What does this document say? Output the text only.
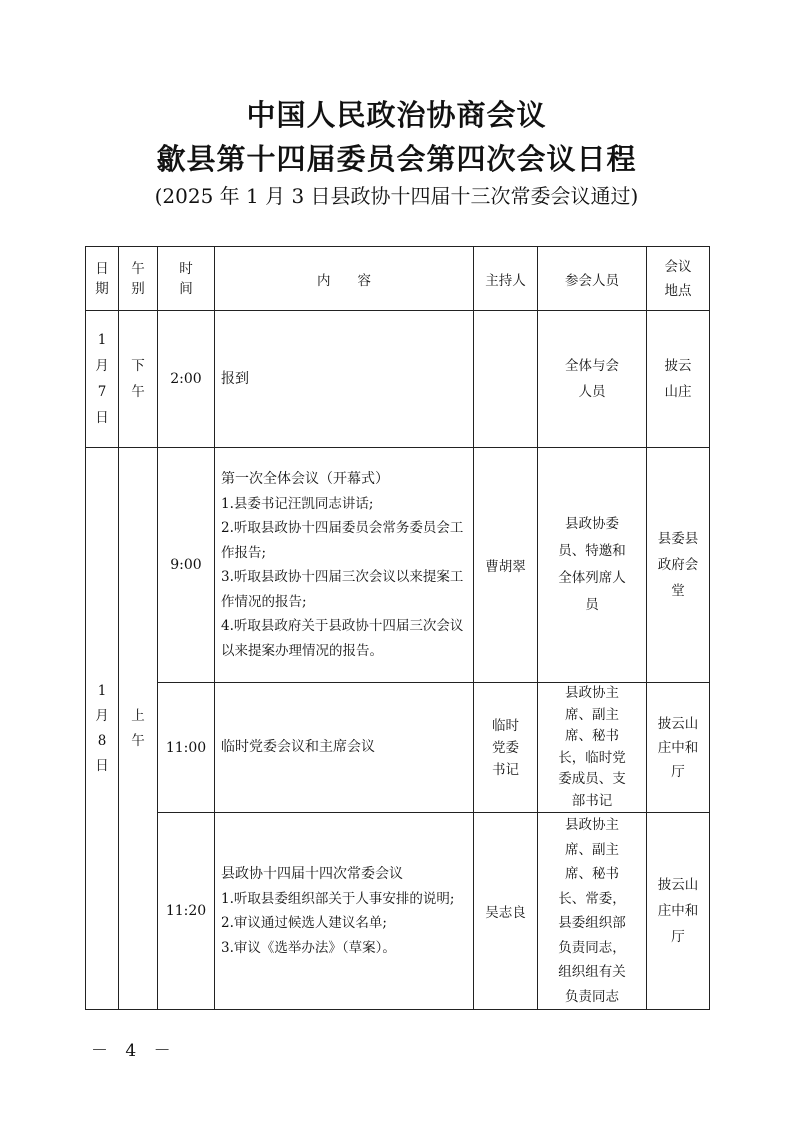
中国人民政治协商会议
歙县第十四届委员会第四次会议日程
(2025 年 1 月 3 日县政协十四届十三次常委会议通过)
日期	午别	时间	内　　容	主持人	参会人员	会议地点
1月7日	下午	2:00	报到		全体与会人员	披云山庄
1月8日	上午	9:00	第一次全体会议（开幕式）
1.县委书记汪凯同志讲话;
2.听取县政协十四届委员会常务委员会工作报告;
3.听取县政协十四届三次会议以来提案工作情况的报告;
4.听取县政府关于县政协十四届三次会议以来提案办理情况的报告。	曹胡翠	县政协委员、特邀和全体列席人员	县委县政府会堂
		11:00	临时党委会议和主席会议	临时党委书记	县政协主席、副主席、秘书长，临时党委成员、支部书记	披云山庄中和厅
		11:20	县政协十四届十四次常委会议
1.听取县委组织部关于人事安排的说明;
2.审议通过候选人建议名单;
3.审议《选举办法》（草案）。	吴志良	县政协主席、副主席、秘书长、常委，县委组织部负责同志，组织组有关负责同志	披云山庄中和厅
－ 4 －
